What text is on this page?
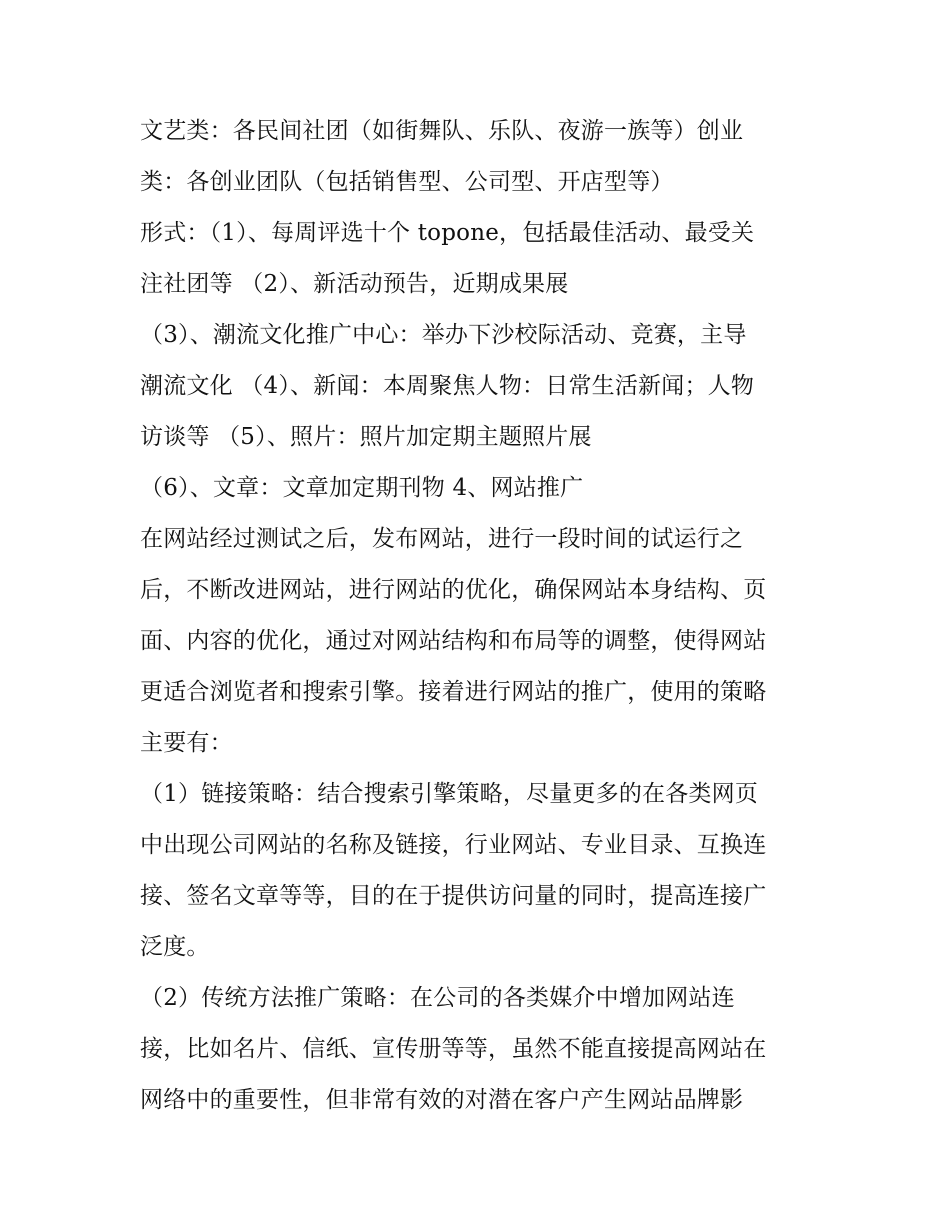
文艺类：各民间社团（如街舞队、乐队、夜游一族等）创业
类：各创业团队（包括销售型、公司型、开店型等）
形式：（1）、每周评选十个 topone，包括最佳活动、最受关
注社团等 （2）、新活动预告，近期成果展
（3）、潮流文化推广中心：举办下沙校际活动、竞赛，主导
潮流文化 （4）、新闻：本周聚焦人物：日常生活新闻；人物
访谈等 （5）、照片：照片加定期主题照片展
（6）、文章：文章加定期刊物 4、网站推广
在网站经过测试之后，发布网站，进行一段时间的试运行之
后，不断改进网站，进行网站的优化，确保网站本身结构、页
面、内容的优化，通过对网站结构和布局等的调整，使得网站
更适合浏览者和搜索引擎。接着进行网站的推广，使用的策略
主要有：
（1）链接策略：结合搜索引擎策略，尽量更多的在各类网页
中出现公司网站的名称及链接，行业网站、专业目录、互换连
接、签名文章等等，目的在于提供访问量的同时，提高连接广
泛度。
（2）传统方法推广策略：在公司的各类媒介中增加网站连
接，比如名片、信纸、宣传册等等，虽然不能直接提高网站在
网络中的重要性，但非常有效的对潜在客户产生网站品牌影
